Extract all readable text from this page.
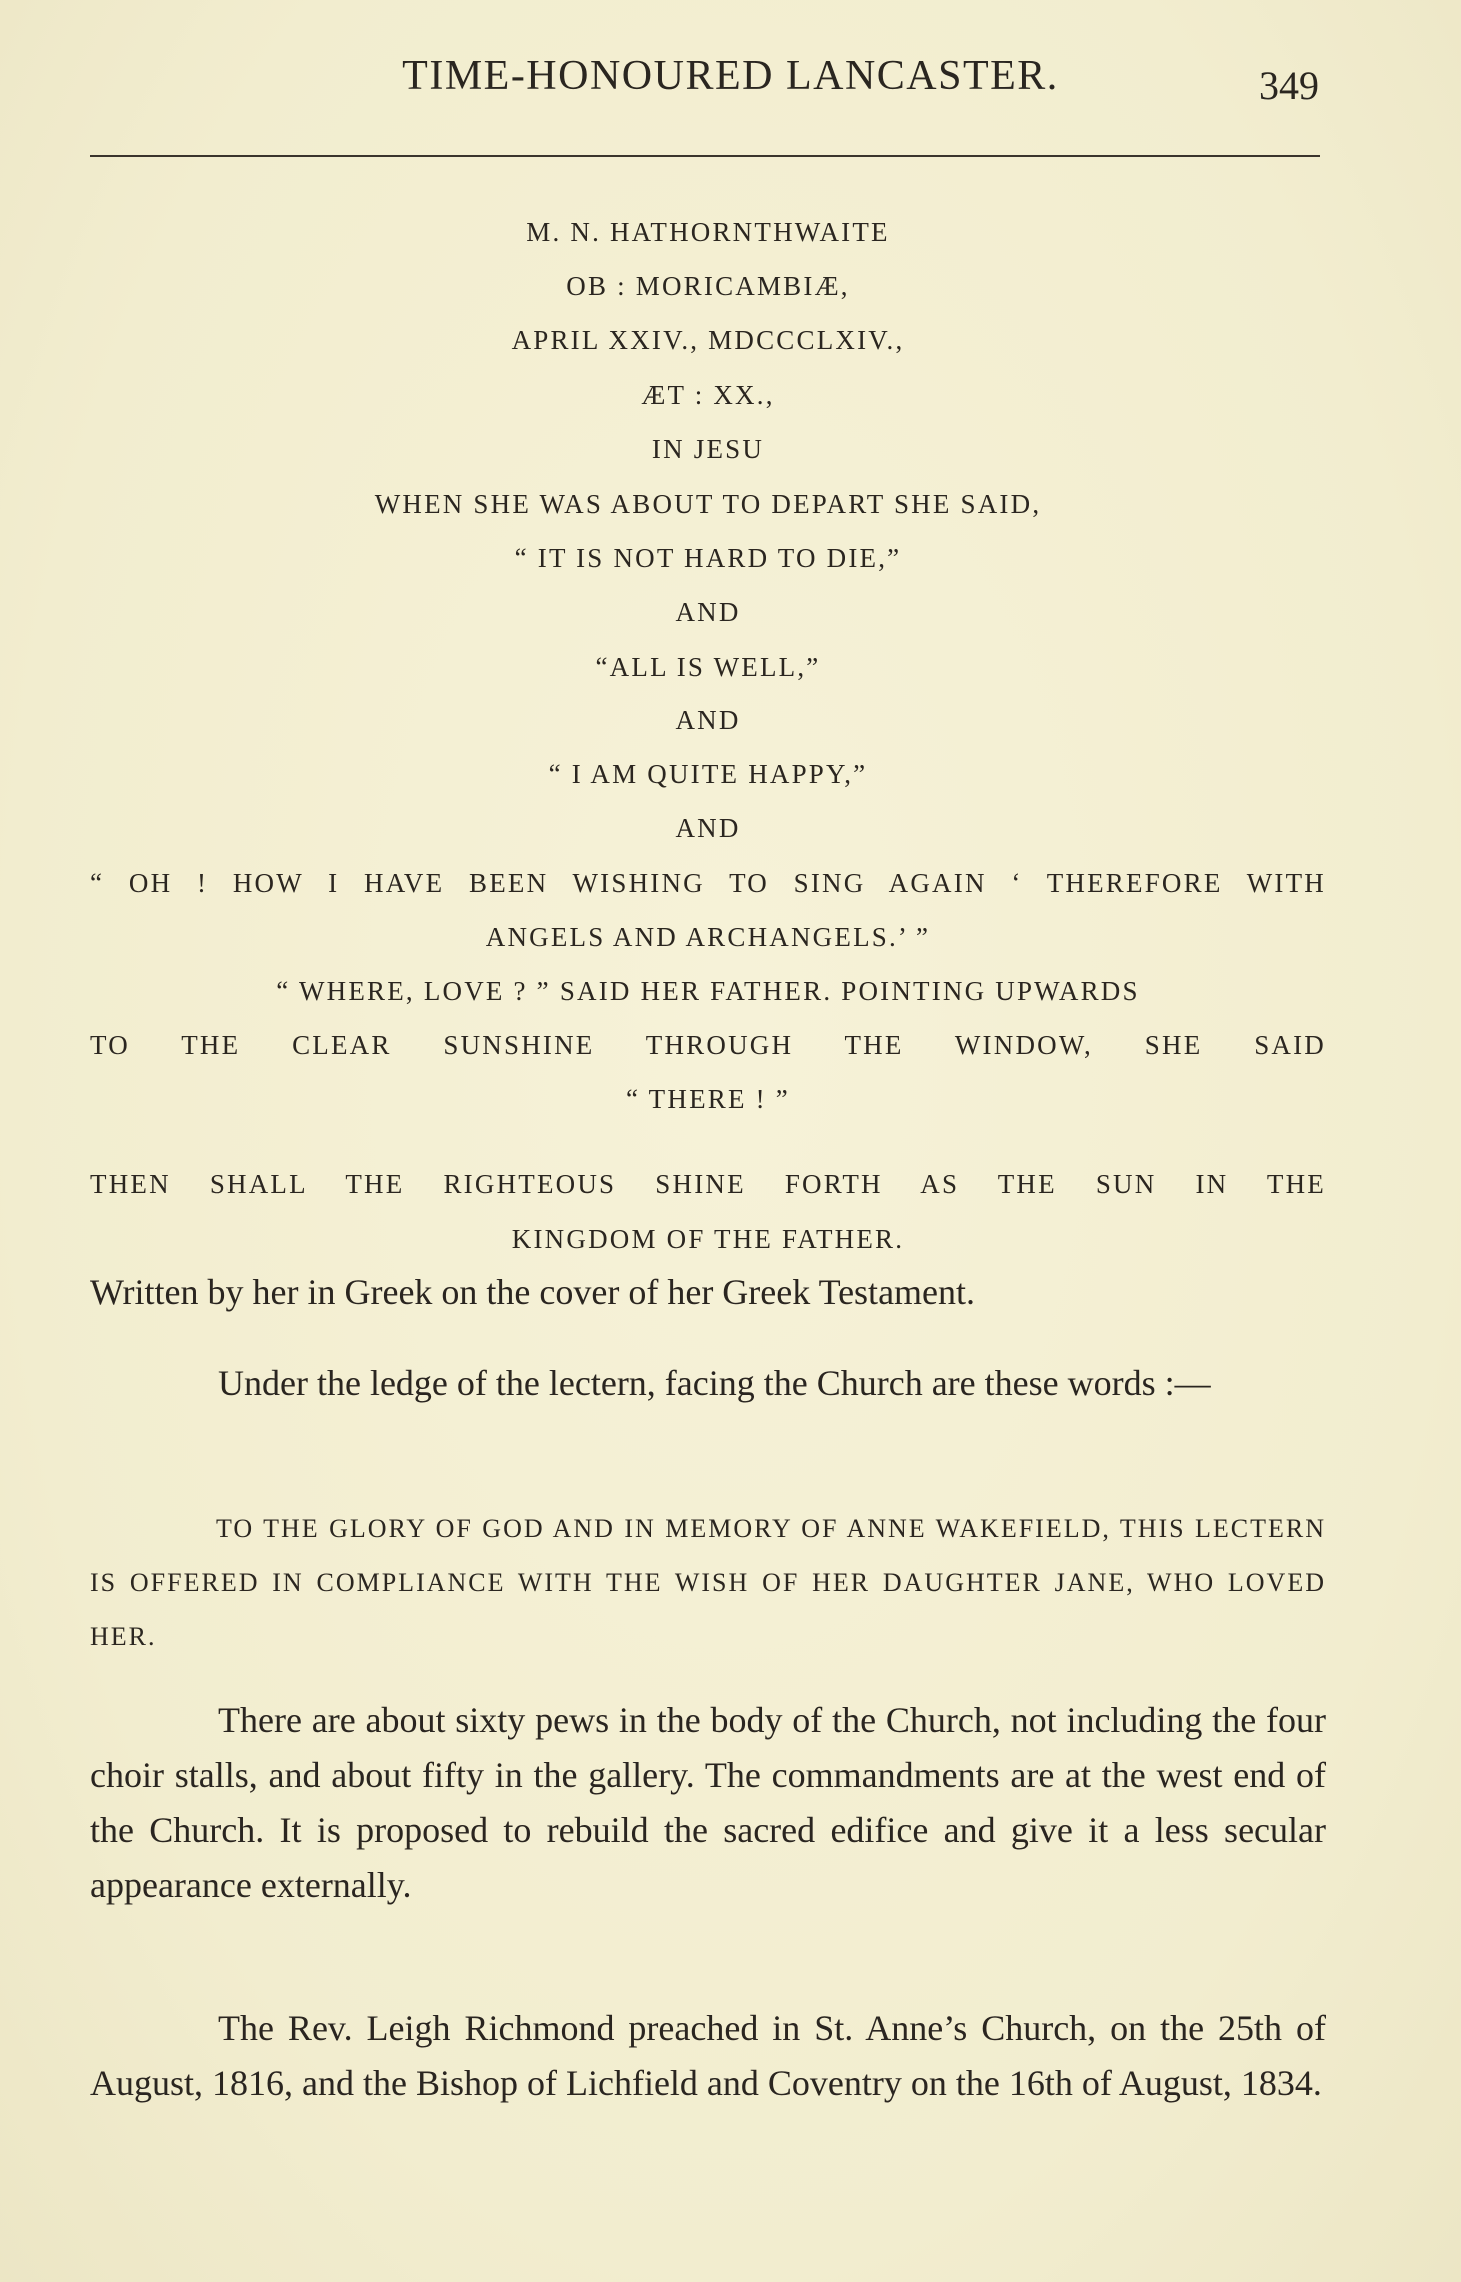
TIME-HONOURED LANCASTER.	349
M. N. HATHORNTHWAITE
OB : MORICAMBIÆ,
APRIL XXIV., MDCCCLXIV.,
ÆT : XX.,
IN JESU
WHEN SHE WAS ABOUT TO DEPART SHE SAID,
“ IT IS NOT HARD TO DIE,”
AND
“ALL IS WELL,”
AND
“ I AM QUITE HAPPY,”
AND
“ OH ! HOW I HAVE BEEN WISHING TO SING AGAIN ‘ THEREFORE WITH
ANGELS AND ARCHANGELS.’ ”
“ WHERE, LOVE ? ” SAID HER FATHER. POINTING UPWARDS
TO THE CLEAR SUNSHINE THROUGH THE WINDOW, SHE SAID
“ THERE ! ”
THEN SHALL THE RIGHTEOUS SHINE FORTH AS THE SUN IN THE
KINGDOM OF THE FATHER.
Written by her in Greek on the cover of her Greek Testament.
Under the ledge of the lectern, facing the Church are these words :—
TO THE GLORY OF GOD AND IN MEMORY OF ANNE WAKEFIELD, THIS LECTERN IS OFFERED IN COMPLIANCE WITH THE WISH OF HER DAUGHTER JANE, WHO LOVED HER.
There are about sixty pews in the body of the Church, not including the four choir stalls, and about fifty in the gallery. The commandments are at the west end of the Church. It is proposed to rebuild the sacred edifice and give it a less secular appearance externally.
The Rev. Leigh Richmond preached in St. Anne’s Church, on the 25th of August, 1816, and the Bishop of Lichfield and Coventry on the 16th of August, 1834.
